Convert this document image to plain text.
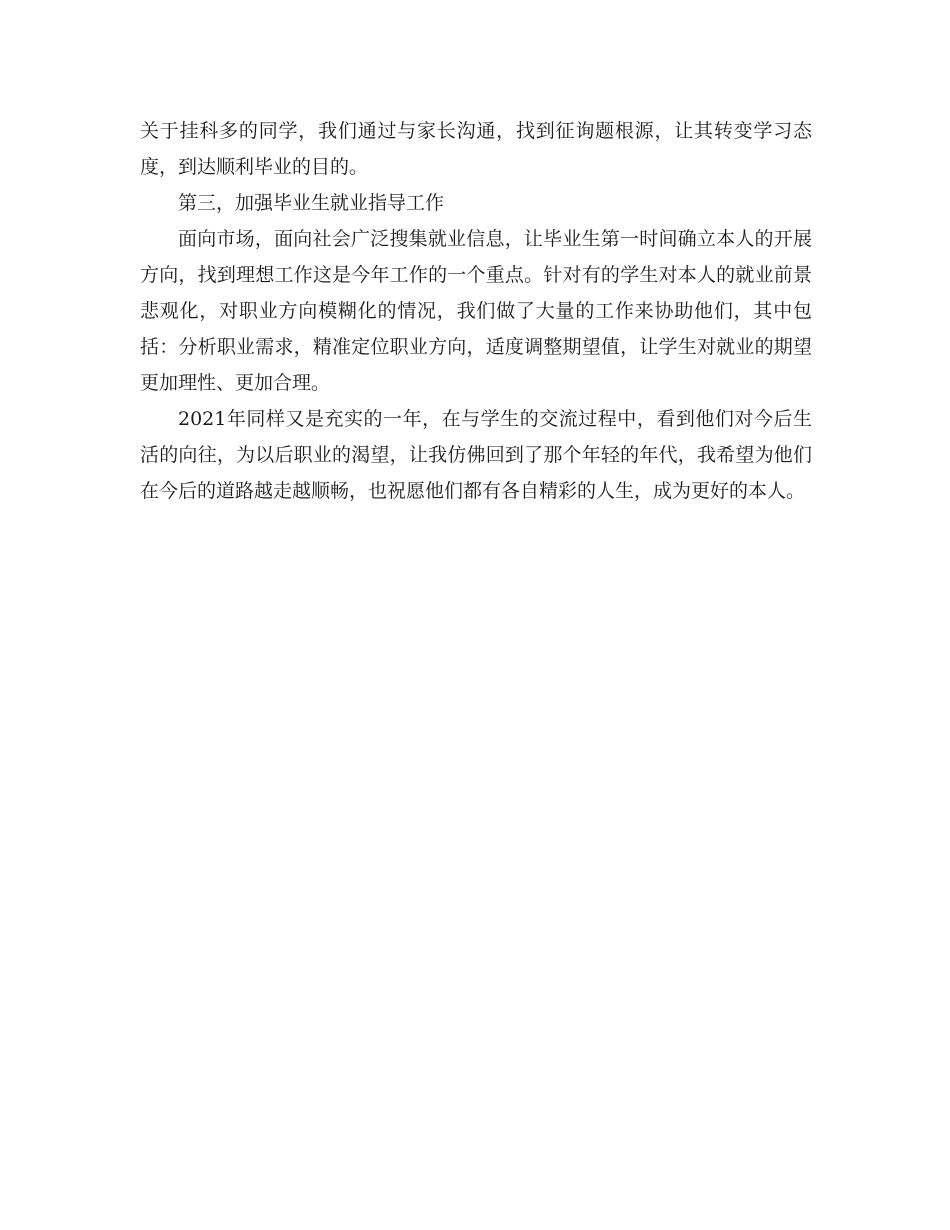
关于挂科多的同学，我们通过与家长沟通，找到征询题根源，让其转变学习态度，到达顺利毕业的目的。

第三，加强毕业生就业指导工作

面向市场，面向社会广泛搜集就业信息，让毕业生第一时间确立本人的开展方向，找到理想工作这是今年工作的一个重点。针对有的学生对本人的就业前景悲观化，对职业方向模糊化的情况，我们做了大量的工作来协助他们，其中包括：分析职业需求，精准定位职业方向，适度调整期望值，让学生对就业的期望更加理性、更加合理。

2021年同样又是充实的一年，在与学生的交流过程中，看到他们对今后生活的向往，为以后职业的渴望，让我仿佛回到了那个年轻的年代，我希望为他们在今后的道路越走越顺畅，也祝愿他们都有各自精彩的人生，成为更好的本人。
